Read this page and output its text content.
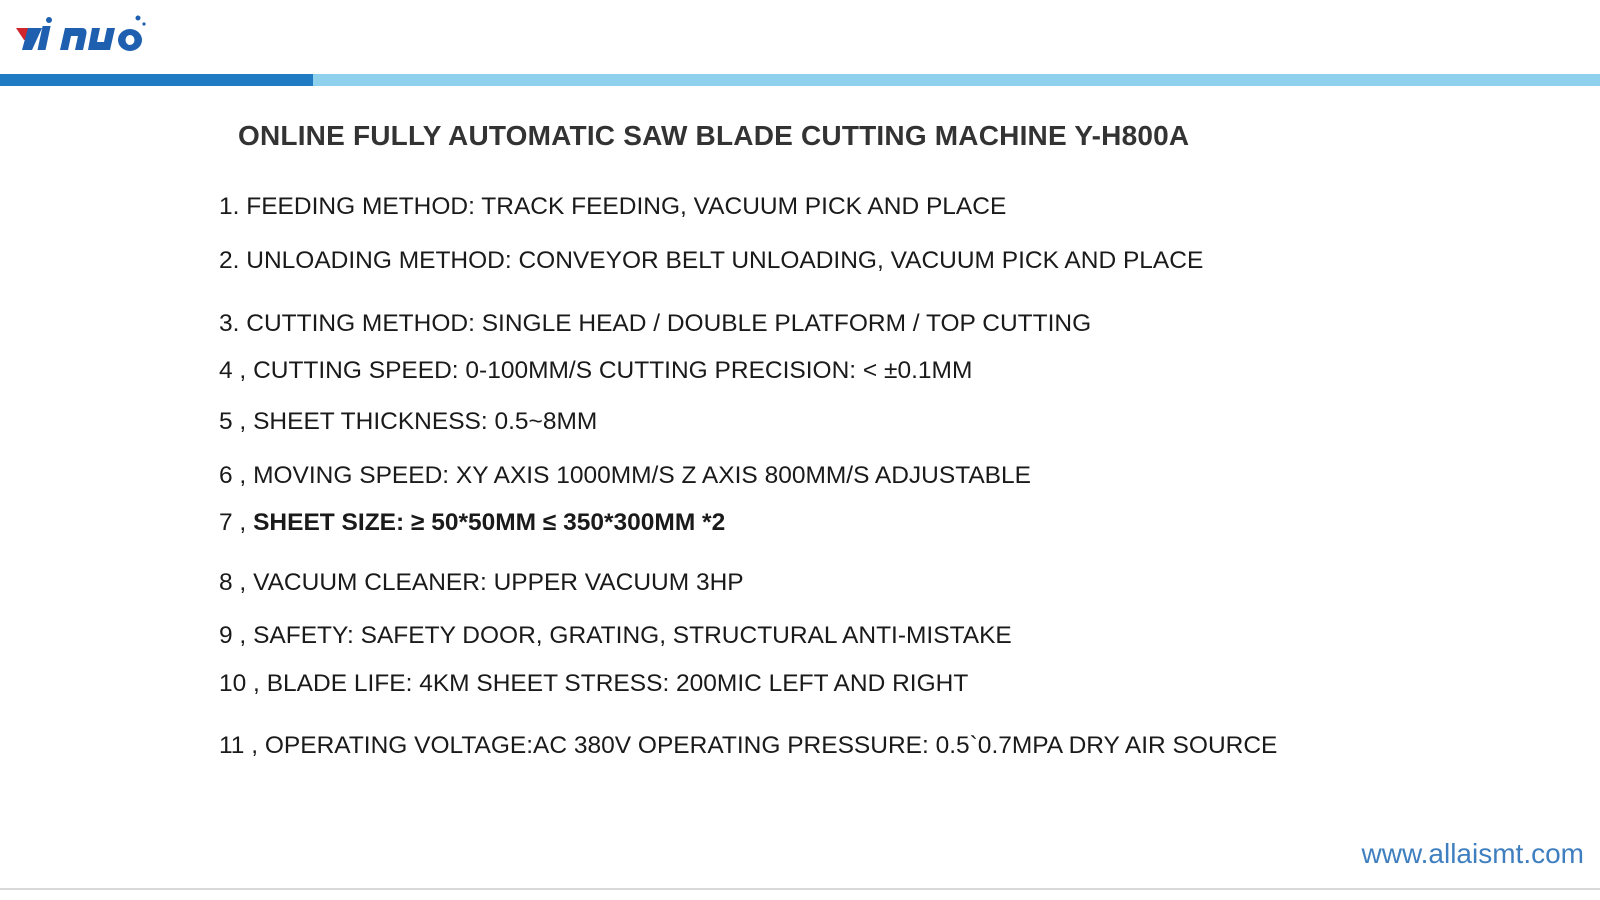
ONLINE FULLY AUTOMATIC SAW BLADE CUTTING MACHINE Y-H800A
1. FEEDING METHOD: TRACK FEEDING, VACUUM PICK AND PLACE
2. UNLOADING METHOD: CONVEYOR BELT UNLOADING, VACUUM PICK AND PLACE
3. CUTTING METHOD: SINGLE HEAD / DOUBLE PLATFORM / TOP CUTTING
4 , CUTTING SPEED: 0-100MM/S CUTTING PRECISION: < ±0.1MM
5 , SHEET THICKNESS: 0.5~8MM
6 , MOVING SPEED: XY AXIS 1000MM/S Z AXIS 800MM/S ADJUSTABLE
7 , SHEET SIZE: ≥ 50*50MM ≤ 350*300MM *2
8 , VACUUM CLEANER: UPPER VACUUM 3HP
9 , SAFETY: SAFETY DOOR, GRATING, STRUCTURAL ANTI-MISTAKE
10 , BLADE LIFE: 4KM SHEET STRESS: 200MIC LEFT AND RIGHT
11 , OPERATING VOLTAGE:AC 380V OPERATING PRESSURE: 0.5`0.7MPA DRY AIR SOURCE
www.allaismt.com
